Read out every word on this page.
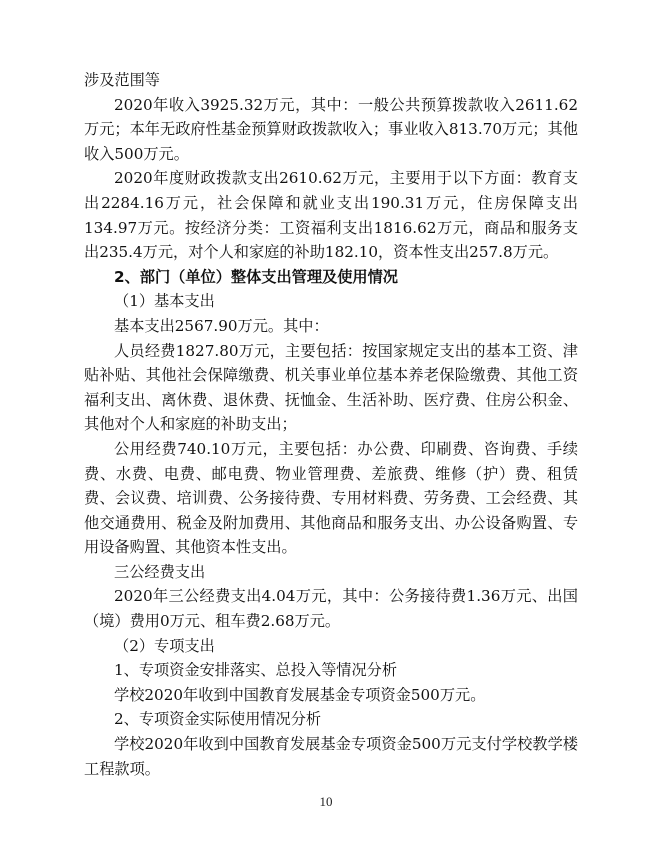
涉及范围等

2020年收入3925.32万元，其中：一般公共预算拨款收入2611.62万元；本年无政府性基金预算财政拨款收入；事业收入813.70万元；其他收入500万元。

2020年度财政拨款支出2610.62万元，主要用于以下方面：教育支出2284.16万元，社会保障和就业支出190.31万元，住房保障支出134.97万元。按经济分类：工资福利支出1816.62万元，商品和服务支出235.4万元，对个人和家庭的补助182.10，资本性支出257.8万元。

2、部门（单位）整体支出管理及使用情况

（1）基本支出

基本支出2567.90万元。其中：

人员经费1827.80万元，主要包括：按国家规定支出的基本工资、津贴补贴、其他社会保障缴费、机关事业单位基本养老保险缴费、其他工资福利支出、离休费、退休费、抚恤金、生活补助、医疗费、住房公积金、其他对个人和家庭的补助支出；

公用经费740.10万元，主要包括：办公费、印刷费、咨询费、手续费、水费、电费、邮电费、物业管理费、差旅费、维修（护）费、租赁费、会议费、培训费、公务接待费、专用材料费、劳务费、工会经费、其他交通费用、税金及附加费用、其他商品和服务支出、办公设备购置、专用设备购置、其他资本性支出。

三公经费支出

2020年三公经费支出4.04万元，其中：公务接待费1.36万元、出国（境）费用0万元、租车费2.68万元。

（2）专项支出

1、专项资金安排落实、总投入等情况分析

学校2020年收到中国教育发展基金专项资金500万元。

2、专项资金实际使用情况分析

学校2020年收到中国教育发展基金专项资金500万元支付学校教学楼工程款项。

10
